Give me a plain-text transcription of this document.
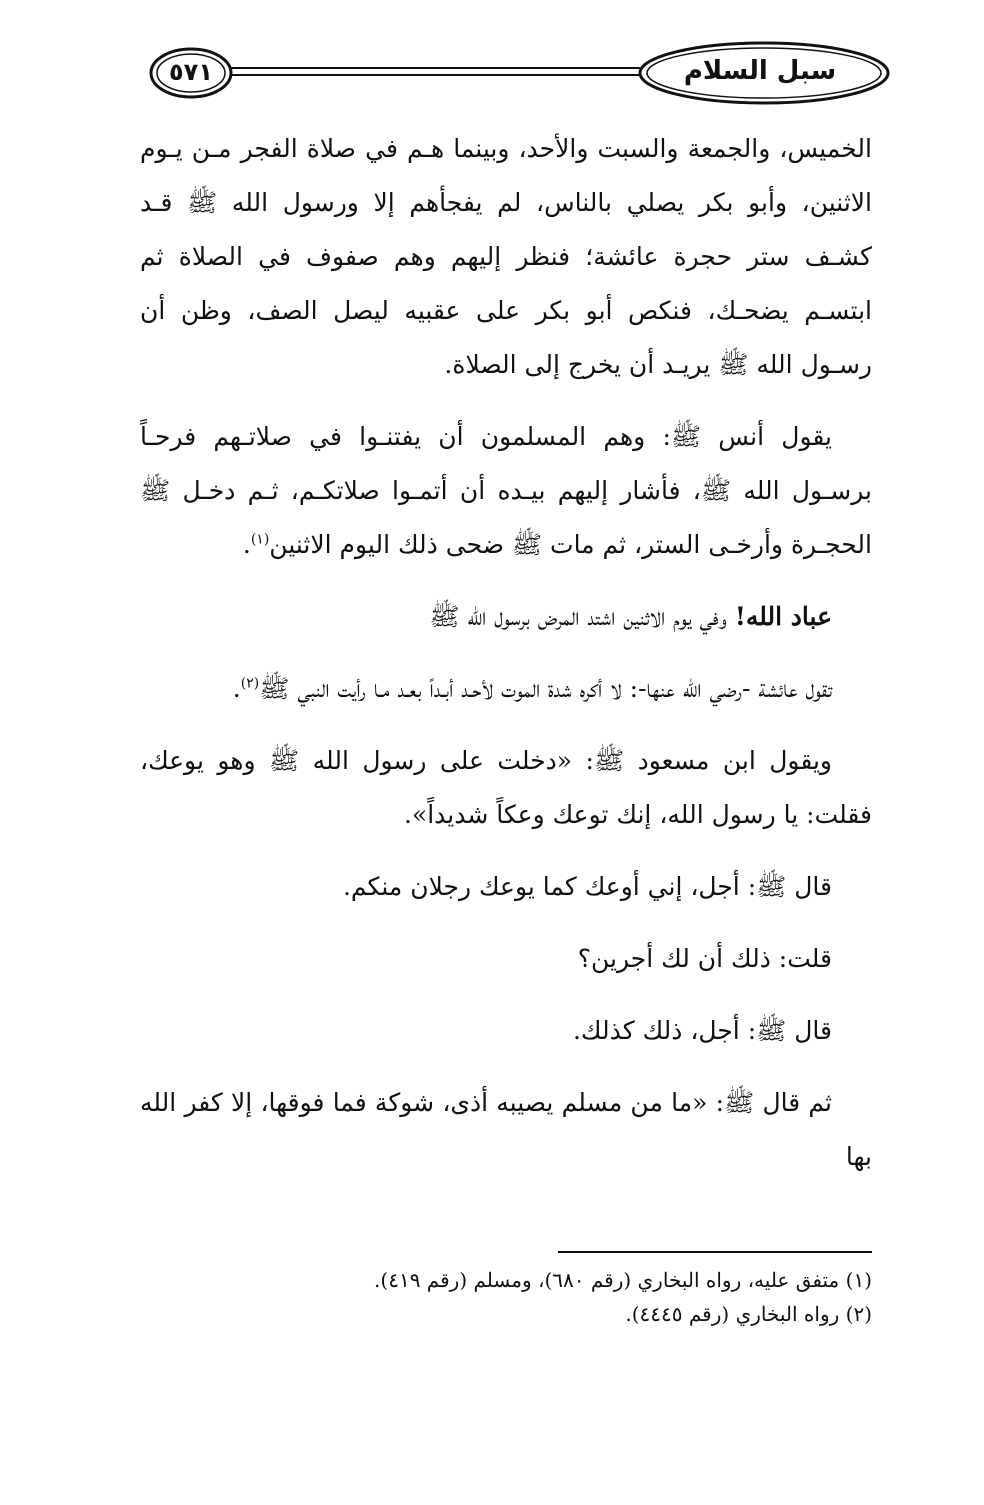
٥٧١	سبل السلام

الخميس، والجمعة والسبت والأحد، وبينما هـم في صلاة الفجر مـن يـوم الاثنين، وأبو بكر يصلي بالناس، لم يفجأهم إلا ورسول الله ﷺ قـد كشـف ستر حجرة عائشة؛ فنظر إليهم وهم صفوف في الصلاة ثم ابتسـم يضحـك، فنكص أبو بكر على عقبيه ليصل الصف، وظن أن رسـول الله ﷺ يريـد أن يخرج إلى الصلاة.

يقول أنس ﷺ: وهم المسلمون أن يفتنـوا في صلاتـهم فرحـاً برسـول الله ﷺ، فأشار إليهم بيـده أن أتمـوا صلاتكـم، ثـم دخـل ﷺ الحجـرة وأرخـى الستر، ثم مات ﷺ ضحى ذلك اليوم الاثنين$^{(١)}$.

عباد الله! وفي يوم الاثنين اشتد المرض برسول الله ﷺ

تقول عائشة -رضي الله عنها-: لا أكره شدة الموت لأحـد أبـداً بعـد مـا رأيت النبي ﷺ$^{(٢)}$.

ويقول ابن مسعود ﷺ: «دخلت على رسول الله ﷺ وهو يوعك، فقلت: يا رسول الله، إنك توعك وعكاً شديداً».

قال ﷺ: أجل، إني أوعك كما يوعك رجلان منكم.

قلت: ذلك أن لك أجرين؟

قال ﷺ: أجل، ذلك كذلك.

ثم قال ﷺ: «ما من مسلم يصيبه أذى، شوكة فما فوقها، إلا كفر الله بها

(١) متفق عليه، رواه البخاري (رقم ٦٨٠)، ومسلم (رقم ٤١٩).

(٢) رواه البخاري (رقم ٤٤٤٥).
